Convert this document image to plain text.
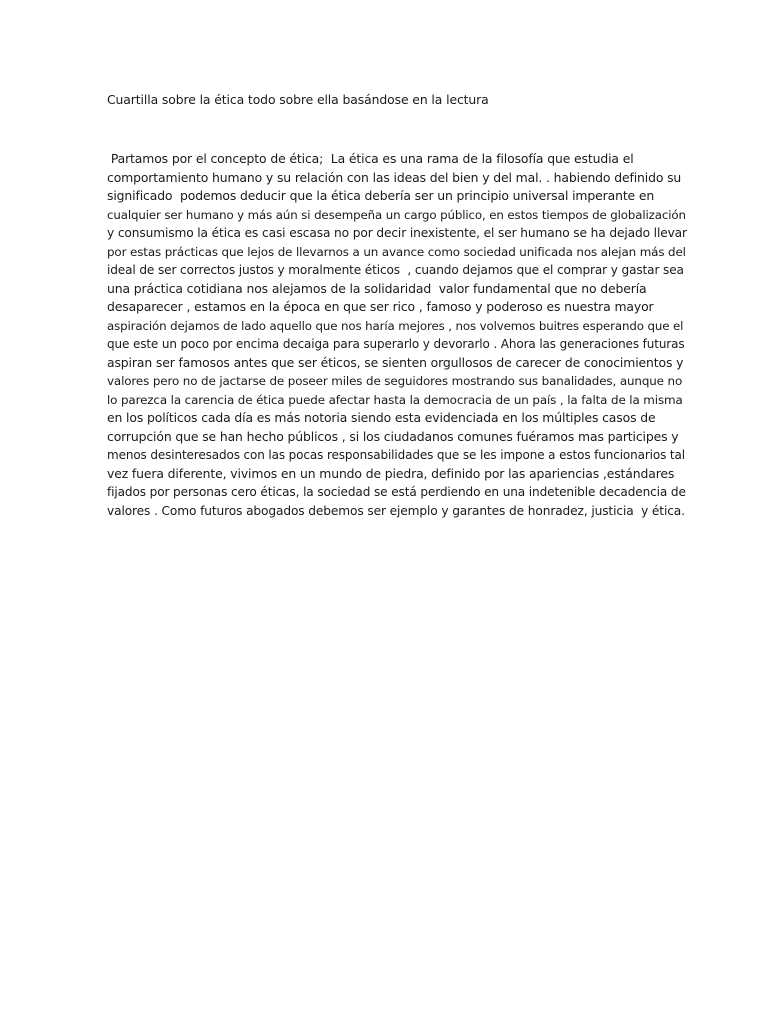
Cuartilla sobre la ética todo sobre ella basándose en la lectura
Partamos por el concepto de ética;  La ética es una rama de la filosofía que estudia el
comportamiento humano y su relación con las ideas del bien y del mal. . habiendo definido su
significado  podemos deducir que la ética debería ser un principio universal imperante en
cualquier ser humano y más aún si desempeña un cargo público, en estos tiempos de globalización
y consumismo la ética es casi escasa no por decir inexistente, el ser humano se ha dejado llevar
por estas prácticas que lejos de llevarnos a un avance como sociedad unificada nos alejan más del
ideal de ser correctos justos y moralmente éticos  , cuando dejamos que el comprar y gastar sea
una práctica cotidiana nos alejamos de la solidaridad  valor fundamental que no debería
desaparecer , estamos en la época en que ser rico , famoso y poderoso es nuestra mayor
aspiración dejamos de lado aquello que nos haría mejores , nos volvemos buitres esperando que el
que este un poco por encima decaiga para superarlo y devorarlo . Ahora las generaciones futuras
aspiran ser famosos antes que ser éticos, se sienten orgullosos de carecer de conocimientos y
valores pero no de jactarse de poseer miles de seguidores mostrando sus banalidades, aunque no
lo parezca la carencia de ética puede afectar hasta la democracia de un país , la falta de la misma
en los políticos cada día es más notoria siendo esta evidenciada en los múltiples casos de
corrupción que se han hecho públicos , si los ciudadanos comunes fuéramos mas participes y
menos desinteresados con las pocas responsabilidades que se les impone a estos funcionarios tal
vez fuera diferente, vivimos en un mundo de piedra, definido por las apariencias ,estándares
fijados por personas cero éticas, la sociedad se está perdiendo en una indetenible decadencia de
valores . Como futuros abogados debemos ser ejemplo y garantes de honradez, justicia  y ética.
